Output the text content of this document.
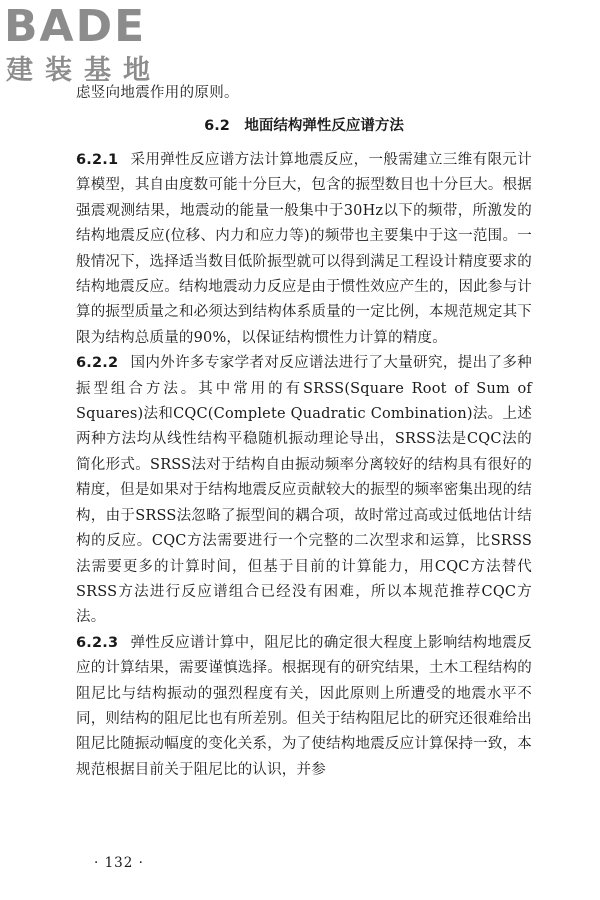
BADE
建装基地

虑竖向地震作用的原则。

6.2　地面结构弹性反应谱方法

6.2.1 采用弹性反应谱方法计算地震反应，一般需建立三维有限元计算模型，其自由度数可能十分巨大，包含的振型数目也十分巨大。根据强震观测结果，地震动的能量一般集中于30Hz以下的频带，所激发的结构地震反应(位移、内力和应力等)的频带也主要集中于这一范围。一般情况下，选择适当数目低阶振型就可以得到满足工程设计精度要求的结构地震反应。结构地震动力反应是由于惯性效应产生的，因此参与计算的振型质量之和必须达到结构体系质量的一定比例，本规范规定其下限为结构总质量的90%，以保证结构惯性力计算的精度。

6.2.2 国内外许多专家学者对反应谱法进行了大量研究，提出了多种振型组合方法。其中常用的有SRSS(Square Root of Sum of Squares)法和CQC(Complete Quadratic Combination)法。上述两种方法均从线性结构平稳随机振动理论导出，SRSS法是CQC法的简化形式。SRSS法对于结构自由振动频率分离较好的结构具有很好的精度，但是如果对于结构地震反应贡献较大的振型的频率密集出现的结构，由于SRSS法忽略了振型间的耦合项，故时常过高或过低地估计结构的反应。CQC方法需要进行一个完整的二次型求和运算，比SRSS法需要更多的计算时间，但基于目前的计算能力，用CQC方法替代SRSS方法进行反应谱组合已经没有困难，所以本规范推荐CQC方法。

6.2.3 弹性反应谱计算中，阻尼比的确定很大程度上影响结构地震反应的计算结果，需要谨慎选择。根据现有的研究结果，土木工程结构的阻尼比与结构振动的强烈程度有关，因此原则上所遭受的地震水平不同，则结构的阻尼比也有所差别。但关于结构阻尼比的研究还很难给出阻尼比随振动幅度的变化关系，为了使结构地震反应计算保持一致，本规范根据目前关于阻尼比的认识，并参

· 132 ·
